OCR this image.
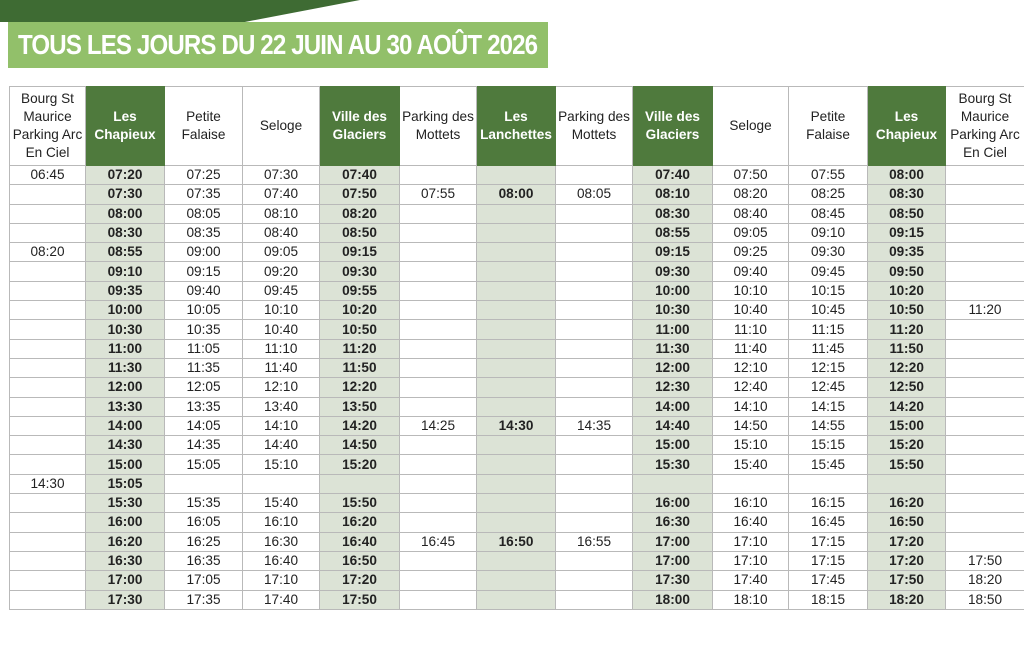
TOUS LES JOURS DU 22 JUIN AU 30 AOÛT 2026
Bourg St Maurice Parking Arc En Ciel	Les Chapieux	Petite Falaise	Seloge	Ville des Glaciers	Parking des Mottets	Les Lanchettes	Parking des Mottets	Ville des Glaciers	Seloge	Petite Falaise	Les Chapieux	Bourg St Maurice Parking Arc En Ciel
06:45	07:20	07:25	07:30	07:40				07:40	07:50	07:55	08:00	
	07:30	07:35	07:40	07:50	07:55	08:00	08:05	08:10	08:20	08:25	08:30	
	08:00	08:05	08:10	08:20				08:30	08:40	08:45	08:50	
	08:30	08:35	08:40	08:50				08:55	09:05	09:10	09:15	
08:20	08:55	09:00	09:05	09:15				09:15	09:25	09:30	09:35	
	09:10	09:15	09:20	09:30				09:30	09:40	09:45	09:50	
	09:35	09:40	09:45	09:55				10:00	10:10	10:15	10:20	
	10:00	10:05	10:10	10:20				10:30	10:40	10:45	10:50	11:20
	10:30	10:35	10:40	10:50				11:00	11:10	11:15	11:20	
	11:00	11:05	11:10	11:20				11:30	11:40	11:45	11:50	
	11:30	11:35	11:40	11:50				12:00	12:10	12:15	12:20	
	12:00	12:05	12:10	12:20				12:30	12:40	12:45	12:50	
	13:30	13:35	13:40	13:50				14:00	14:10	14:15	14:20	
	14:00	14:05	14:10	14:20	14:25	14:30	14:35	14:40	14:50	14:55	15:00	
	14:30	14:35	14:40	14:50				15:00	15:10	15:15	15:20	
	15:00	15:05	15:10	15:20				15:30	15:40	15:45	15:50	
14:30	15:05											
	15:30	15:35	15:40	15:50				16:00	16:10	16:15	16:20	
	16:00	16:05	16:10	16:20				16:30	16:40	16:45	16:50	
	16:20	16:25	16:30	16:40	16:45	16:50	16:55	17:00	17:10	17:15	17:20	
	16:30	16:35	16:40	16:50				17:00	17:10	17:15	17:20	17:50
	17:00	17:05	17:10	17:20				17:30	17:40	17:45	17:50	18:20
	17:30	17:35	17:40	17:50				18:00	18:10	18:15	18:20	18:50
